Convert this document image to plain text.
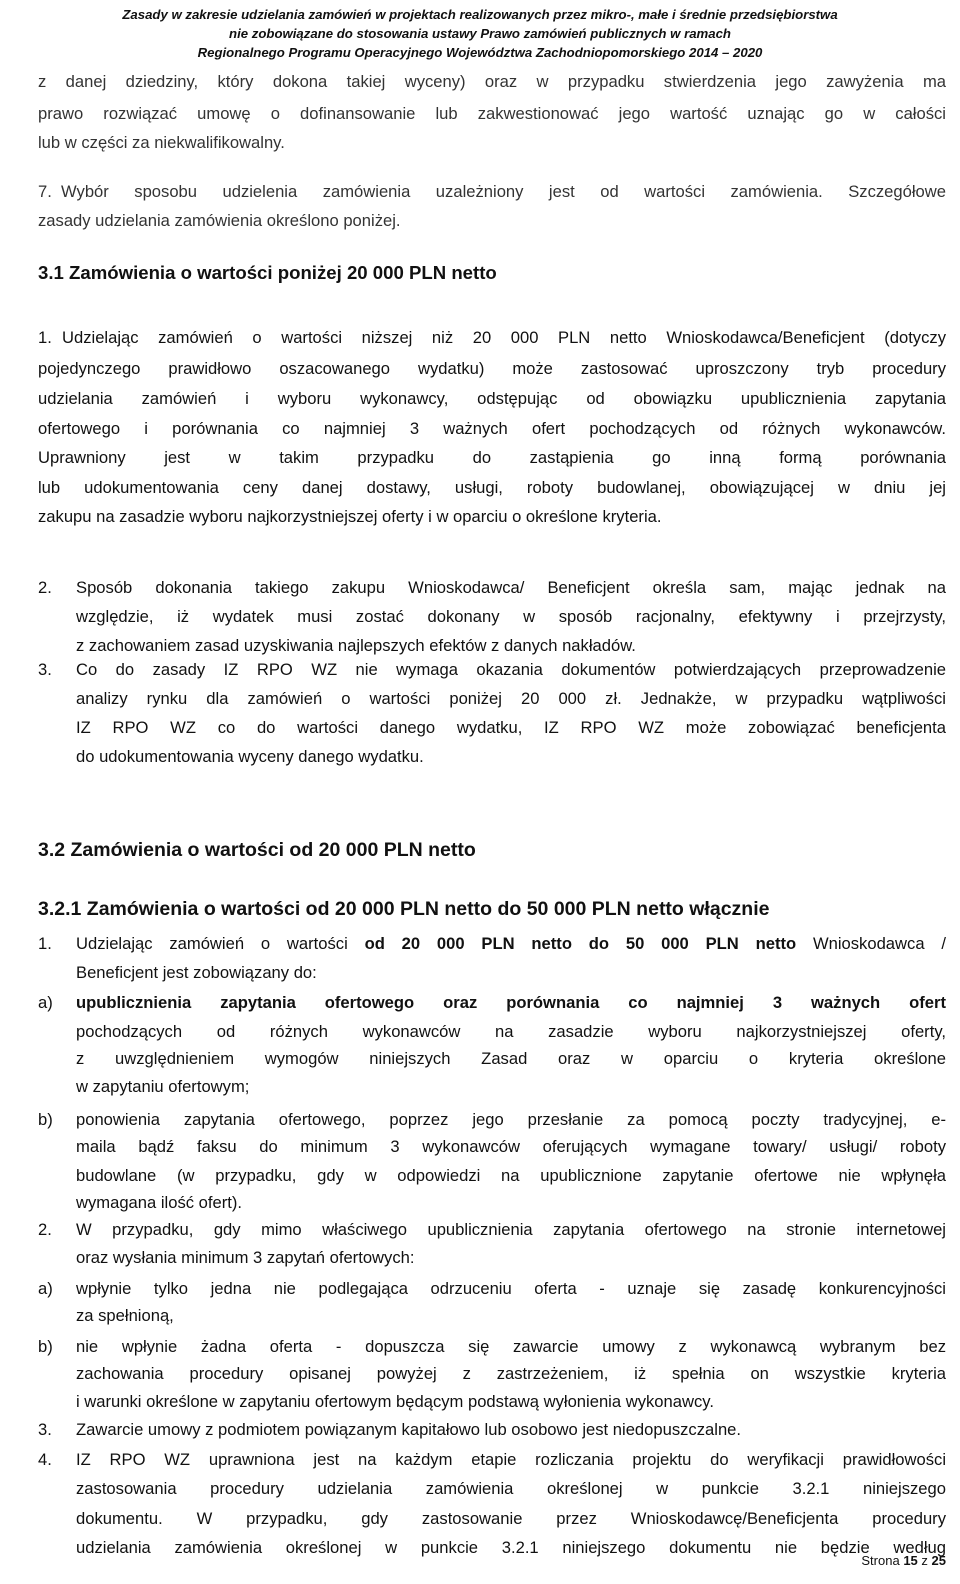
Zasady w zakresie udzielania zamówień w projektach realizowanych przez mikro-, małe i średnie przedsiębiorstwa
nie zobowiązane do stosowania ustawy Prawo zamówień publicznych w ramach
Regionalnego Programu Operacyjnego Województwa Zachodniopomorskiego 2014 – 2020
z danej dziedziny, który dokona takiej wyceny) oraz w przypadku stwierdzenia jego zawyżenia ma
prawo rozwiązać umowę o dofinansowanie lub zakwestionować jego wartość uznając go w całości
lub w części za niekwalifikowalny.
7. Wybór sposobu udzielenia zamówienia uzależniony jest od wartości zamówienia. Szczegółowe
zasady udzielania zamówienia określono poniżej.
3.1 Zamówienia o wartości poniżej 20 000 PLN netto
1. Udzielając zamówień o wartości niższej niż 20 000 PLN netto Wnioskodawca/Beneficjent (dotyczy
pojedynczego prawidłowo oszacowanego wydatku) może zastosować uproszczony tryb procedury
udzielania zamówień i wyboru wykonawcy, odstępując od obowiązku upublicznienia zapytania
ofertowego i porównania co najmniej 3 ważnych ofert pochodzących od różnych wykonawców.
Uprawniony jest w takim przypadku do zastąpienia go inną formą porównania
lub udokumentowania ceny danej dostawy, usługi, roboty budowlanej, obowiązującej w dniu jej
zakupu na zasadzie wyboru najkorzystniejszej oferty i w oparciu o określone kryteria.
2. Sposób dokonania takiego zakupu Wnioskodawca/ Beneficjent określa sam, mając jednak na
względzie, iż wydatek musi zostać dokonany w sposób racjonalny, efektywny i przejrzysty,
z zachowaniem zasad uzyskiwania najlepszych efektów z danych nakładów.
3. Co do zasady IZ RPO WZ nie wymaga okazania dokumentów potwierdzających przeprowadzenie
analizy rynku dla zamówień o wartości poniżej 20 000 zł. Jednakże, w przypadku wątpliwości
IZ RPO WZ co do wartości danego wydatku, IZ RPO WZ może zobowiązać beneficjenta
do udokumentowania wyceny danego wydatku.
3.2 Zamówienia o wartości od 20 000 PLN netto
3.2.1 Zamówienia o wartości od 20 000 PLN netto do 50 000 PLN netto włącznie
1. Udzielając zamówień o wartości od 20 000 PLN netto do 50 000 PLN netto Wnioskodawca /
Beneficjent jest zobowiązany do:
a)	upublicznienia zapytania ofertowego oraz porównania co najmniej 3 ważnych ofert
pochodzących od różnych wykonawców na zasadzie wyboru najkorzystniejszej oferty,
z uwzględnieniem wymogów niniejszych Zasad oraz w oparciu o kryteria określone
w zapytaniu ofertowym;
b)	ponowienia zapytania ofertowego, poprzez jego przesłanie za pomocą poczty tradycyjnej, e-
maila bądź faksu do minimum 3 wykonawców oferujących wymagane towary/ usługi/ roboty
budowlane (w przypadku, gdy w odpowiedzi na upublicznione zapytanie ofertowe nie wpłynęła
wymagana ilość ofert).
2. W przypadku, gdy mimo właściwego upublicznienia zapytania ofertowego na stronie internetowej
oraz wysłania minimum 3 zapytań ofertowych:
a)	wpłynie tylko jedna nie podlegająca odrzuceniu oferta - uznaje się zasadę konkurencyjności
za spełnioną,
b)	nie wpłynie żadna oferta - dopuszcza się zawarcie umowy z wykonawcą wybranym bez
zachowania procedury opisanej powyżej z zastrzeżeniem, iż spełnia on wszystkie kryteria
i warunki określone w zapytaniu ofertowym będącym podstawą wyłonienia wykonawcy.
3. Zawarcie umowy z podmiotem powiązanym kapitałowo lub osobowo jest niedopuszczalne.
4. IZ RPO WZ uprawniona jest na każdym etapie rozliczania projektu do weryfikacji prawidłowości
zastosowania procedury udzielania zamówienia określonej w punkcie 3.2.1 niniejszego
dokumentu. W przypadku, gdy zastosowanie przez Wnioskodawcę/Beneficjenta procedury
udzielania zamówienia określonej w punkcie 3.2.1 niniejszego dokumentu nie będzie według
Strona 15 z 25
